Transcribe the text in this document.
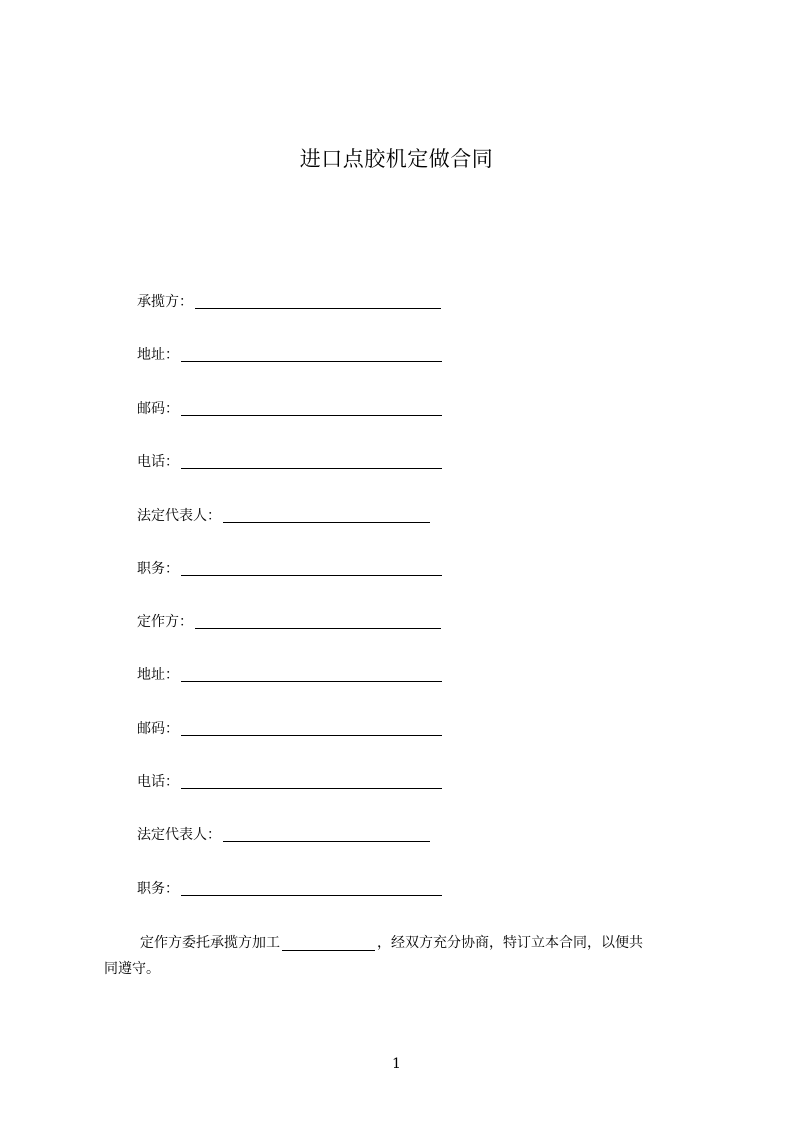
进口点胶机定做合同
承揽方：
地址：
邮码：
电话：
法定代表人：
职务：
定作方：
地址：
邮码：
电话：
法定代表人：
职务：
定作方委托承揽方加工	，经双方充分协商，特订立本合同，以便共
同遵守。
1
